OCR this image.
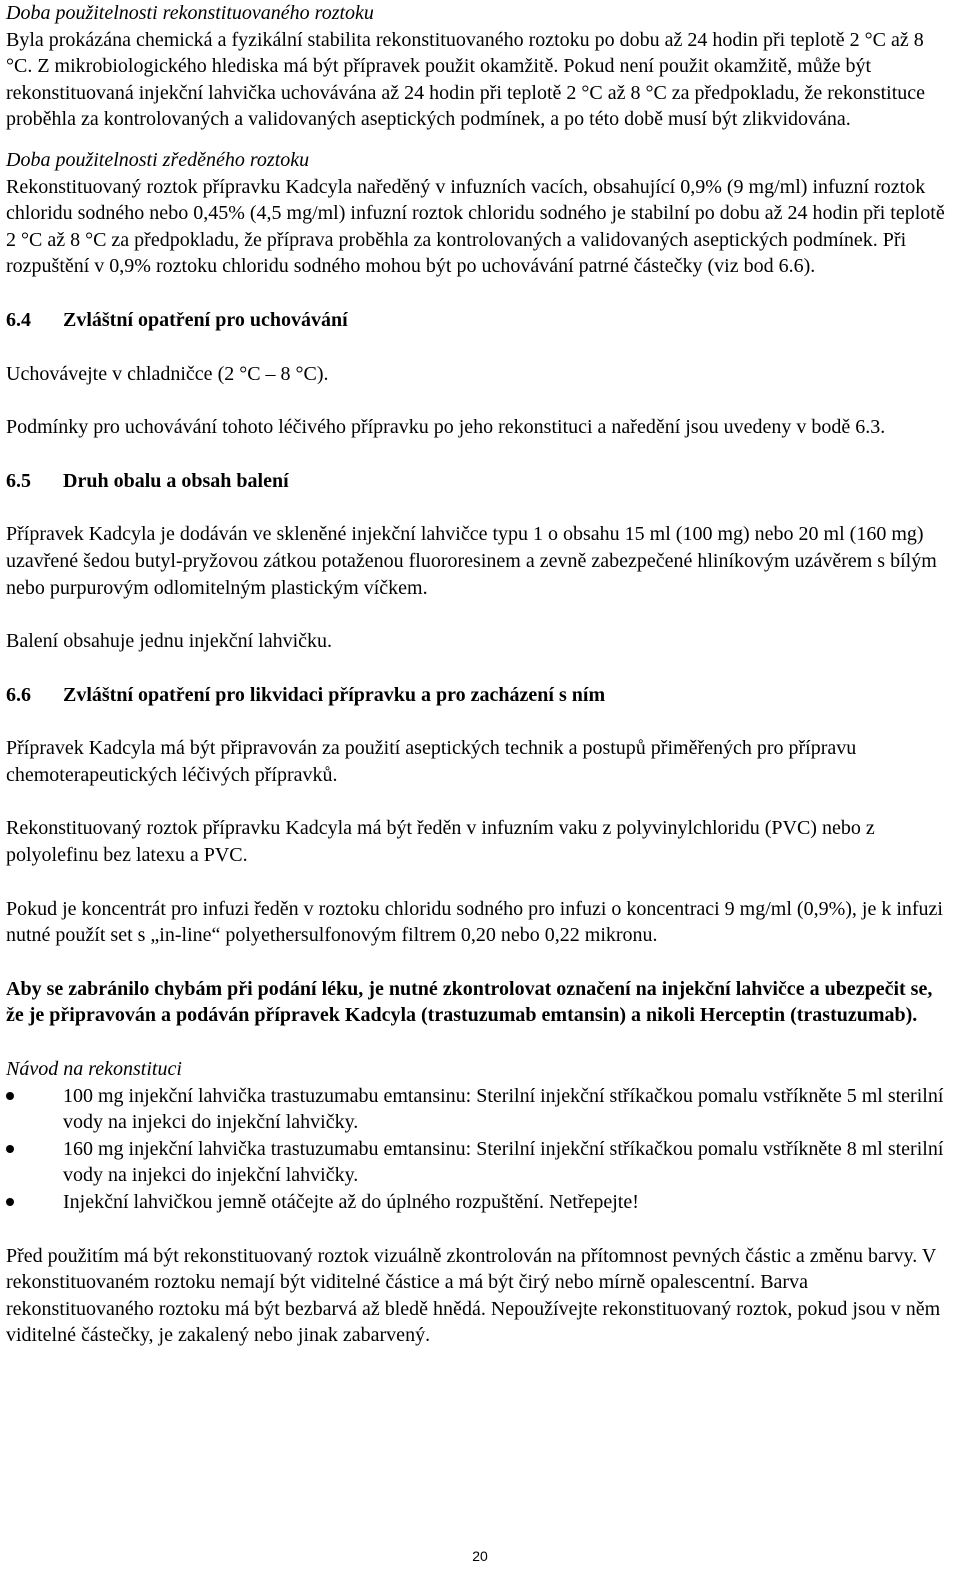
Doba použitelnosti rekonstituovaného roztoku

Byla prokázána chemická a fyzikální stabilita rekonstituovaného roztoku po dobu až 24 hodin při teplotě 2 °C až 8 °C. Z mikrobiologického hlediska má být přípravek použit okamžitě. Pokud není použit okamžitě, může být rekonstituovaná injekční lahvička uchovávána až 24 hodin při teplotě 2 °C až 8 °C za předpokladu, že rekonstituce proběhla za kontrolovaných a validovaných aseptických podmínek, a po této době musí být zlikvidována.

Doba použitelnosti zředěného roztoku

Rekonstituovaný roztok přípravku Kadcyla naředěný v infuzních vacích, obsahující 0,9% (9 mg/ml) infuzní roztok chloridu sodného nebo 0,45% (4,5 mg/ml) infuzní roztok chloridu sodného je stabilní po dobu až 24 hodin při teplotě 2 °C až 8 °C za předpokladu, že příprava proběhla za kontrolovaných a validovaných aseptických podmínek. Při rozpuštění v 0,9% roztoku chloridu sodného mohou být po uchovávání patrné částečky (viz bod 6.6).

6.4	Zvláštní opatření pro uchovávání

Uchovávejte v chladničce (2 °C – 8 °C).

Podmínky pro uchovávání tohoto léčivého přípravku po jeho rekonstituci a naředění jsou uvedeny v bodě 6.3.

6.5	Druh obalu a obsah balení

Přípravek Kadcyla je dodáván ve skleněné injekční lahvičce typu 1 o obsahu 15 ml (100 mg) nebo 20 ml (160 mg) uzavřené šedou butyl-pryžovou zátkou potaženou fluororesinem a zevně zabezpečené hliníkovým uzávěrem s bílým nebo purpurovým odlomitelným plastickým víčkem.

Balení obsahuje jednu injekční lahvičku.

6.6	Zvláštní opatření pro likvidaci přípravku a pro zacházení s ním

Přípravek Kadcyla má být připravován za použití aseptických technik a postupů přiměřených pro přípravu chemoterapeutických léčivých přípravků.

Rekonstituovaný roztok přípravku Kadcyla má být ředěn v infuzním vaku z polyvinylchloridu (PVC) nebo z polyolefinu bez latexu a PVC.

Pokud je koncentrát pro infuzi ředěn v roztoku chloridu sodného pro infuzi o koncentraci 9 mg/ml (0,9%), je k infuzi nutné použít set s „in-line“ polyethersulfonovým filtrem 0,20 nebo 0,22 mikronu.

Aby se zabránilo chybám při podání léku, je nutné zkontrolovat označení na injekční lahvičce a ubezpečit se, že je připravován a podáván přípravek Kadcyla (trastuzumab emtansin) a nikoli Herceptin (trastuzumab).

Návod na rekonstituci

100 mg injekční lahvička trastuzumabu emtansinu: Sterilní injekční stříkačkou pomalu vstříkněte 5 ml sterilní vody na injekci do injekční lahvičky.
160 mg injekční lahvička trastuzumabu emtansinu: Sterilní injekční stříkačkou pomalu vstříkněte 8 ml sterilní vody na injekci do injekční lahvičky.
Injekční lahvičkou jemně otáčejte až do úplného rozpuštění. Netřepejte!

Před použitím má být rekonstituovaný roztok vizuálně zkontrolován na přítomnost pevných částic a změnu barvy. V rekonstituovaném roztoku nemají být viditelné částice a má být čirý nebo mírně opalescentní. Barva rekonstituovaného roztoku má být bezbarvá až bledě hnědá. Nepoužívejte rekonstituovaný roztok, pokud jsou v něm viditelné částečky, je zakalený nebo jinak zabarvený.

20
